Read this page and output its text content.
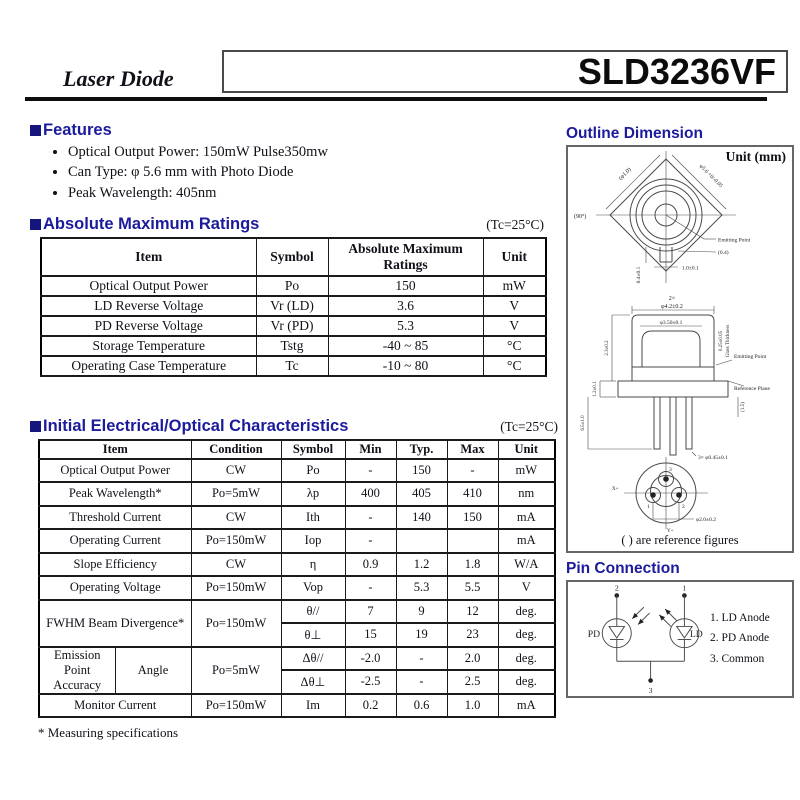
Laser Diode	SLD3236VF
Features
• Optical Output Power: 150mW Pulse350mw
• Can Type: φ 5.6 mm with Photo Diode
• Peak Wavelength: 405nm
Absolute Maximum Ratings	(Tc=25°C)
Item	Symbol	Absolute Maximum Ratings	Unit
Optical Output Power	Po	150	mW
LD Reverse Voltage	Vr (LD)	3.6	V
PD Reverse Voltage	Vr (PD)	5.3	V
Storage Temperature	Tstg	-40 ~ 85	°C
Operating Case Temperature	Tc	-10 ~ 80	°C
Initial Electrical/Optical Characteristics	(Tc=25°C)
Item		Condition	Symbol	Min	Typ.	Max	Unit
Optical Output Power		CW	Po	-	150	-	mW
Peak Wavelength*		Po=5mW	λp	400	405	410	nm
Threshold Current		CW	Ith	-	140	150	mA
Operating Current		Po=150mW	Iop	-			mA
Slope Efficiency		CW	η	0.9	1.2	1.8	W/A
Operating Voltage		Po=150mW	Vop	-	5.3	5.5	V
FWHM Beam Divergence*		Po=150mW	θ//	7	9	12	deg.
			θ⊥	15	19	23	deg.
Emission Point Accuracy	Angle	Po=5mW	Δθ//	-2.0	-	2.0	deg.
			Δθ⊥	-2.5	-	2.5	deg.
Monitor Current		Po=150mW	Im	0.2	0.6	1.0	mA
* Measuring specifications
Outline Dimension
Unit (mm)
(φ1.0)	φ5.6 +0/-0.05
(90°)
Emitting Point
(0.4)
1.0±0.1
0.4±0.1
2×
φ4.2±0.2
φ3.50±0.1
0.25±0.05 Glass Thickness Emitting Point
Reference Plane
2.3±0.2
1.2±0.1
6.5±1.0
3× φ0.45±0.1
(1.5)
X+
Y+
3
1	2
φ2.0±0.2
( ) are reference figures
Pin Connection
PD	LD
2	1
3
1. LD Anode
2. PD Anode
3. Common
